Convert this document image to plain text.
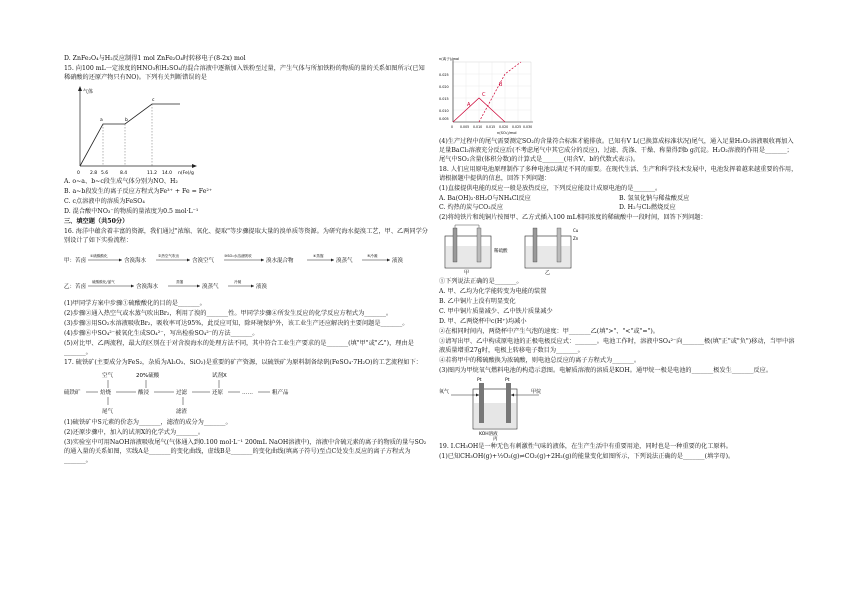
D. ZnFe₂O₄与H₂反应制得1 mol ZnFe₂O₄时转移电子(8-2x) mol
15. 向100 mL一定浓度的HNO₃和H₂SO₄的混合溶液中逐渐加入铁粉至过量，产生气体与所加铁粉的物质的量的关系如图所示(已知稀硝酸的还原产物只有NO)。下列有关判断错误的是
气体
n(Fe)/g
0 2.8 5.6	8.4	11.2 14.0
a	b
c
A. o~a、b~c段生成气体分别为NO、H₂
B. a~b段发生的离子反应方程式为Fe³⁺ + Fe = Fe²⁺
C. c点溶液中的溶质为FeSO₄
D. 混合酸中NO₃⁻的物质的量浓度为0.5 mol·L⁻¹
三、填空题（共50分）
16. 海洋中蕴含着丰富的资源，我们通过"浓缩、氧化、提取"等步骤提取大量的溴单质等资源。为研究海水提溴工艺，甲、乙两同学分别设计了如下实验流程：
甲：苦卤
①硫酸酸化
含溴海水
②热空气吹出
含溴空气
③SO₂水溶液吸收
溴水混合物
④蒸馏
溴蒸气
⑤冷凝
液溴
乙：苦卤
硫酸酸化/氯气
含溴海水
蒸馏
溴蒸气
冷凝
液溴
(1)甲同学方案中步骤①硫酸酸化的目的是_______。
(2)步骤②通入热空气或水蒸气吹出Br₂，利用了溴的_______性。甲同学步骤④所发生反应的化学反应方程式为_______。
(3)步骤③用SO₂水溶液吸收Br₂，吸收率可达95%，此反应可知，除环境保护外，该工业生产还应解决的主要问题是_______。
(4)步骤⑥中SO₄²⁻被氧化生成SO₄²⁻，写出检验SO₄²⁻的方法_______。
(5)对比甲、乙两流程，最大的区别在于对含溴海水的处理方法不同，其中符合工业生产要求的是_______(填"甲"或"乙")，理由是_______。
17. 硫铁矿(主要成分为FeS₂，杂质为Al₂O₃、SiO₂)是重要的矿产资源，以硫铁矿为原料制备绿矾(FeSO₄·7H₂O)的工艺流程如下：
空气	20%硫酸	试剂X
硫铁矿	焙烧	酸浸	过滤	还原	……	粗产品
尾气	滤渣
(1)硫铁矿中S元素的价态为_______，滤渣的成分为_______。
(2)还原步骤中，加入的试剂X的化学式为_______。
(3)实验室中可用NaOH溶液吸收尾气(气体通入到0.100 mol·L⁻¹ 200mL NaOH溶液中)，溶液中含硫元素的离子的物质的量与SO₂的通入量的关系如图，实线A是_______的变化曲线，虚线B是_______的变化曲线(填离子符号)至点C处发生反应的离子方程式为_______。
A
B
C
n(离子)/mol
0.025
0.020
0.015
0.010
0.005
0 0.005 0.010 0.015 0.020 0.025 0.030
n(SO₂)/mol
(4)生产过程中的尾气需要测定SO₂的含量符合标准才能排放。已知有V L(已换算成标准状况)尾气，通入足量H₂O₂溶液吸收再加入足量BaCl₂溶液充分反应后(不考虑尾气中其它成分的反应)，过滤、洗涤、干燥、称量得到b g沉淀。H₂O₂溶液的作用是_______；尾气中SO₂含量(体积分数)的计算式是_______(用含V、b的代数式表示)。
18. 人们应用原电池原理制作了多种电池以满足不同的需要。在现代生活、生产和科学技术发展中，电池发挥着越来越重要的作用，请根据题中提供的信息，回答下列问题：
(1)直接提供电能的反应一般是放热反应，下列反应能设计成原电池的是_______。
A. Ba(OH)₂·8H₂O与NH₄Cl反应	B. 氢氧化钠与稀盐酸反应
C. 灼热的炭与CO₂反应	D. H₂与Cl₂燃烧反应
(2)将纯铁片和纯铜片按图甲、乙方式插入100 mL相同浓度的稀硫酸中一段时间，回答下列问题：
甲
稀硫酸
乙
Cu
Zn
①下列说法正确的是_______。
A. 甲、乙均为化学能转变为电能的装置
B. 乙中铜片上没有明显变化
C. 甲中铜片质量减少、乙中铁片质量减少
D. 甲、乙两烧杯中c(H⁺)均减小
②在相同时间内，两烧杯中产生气泡的速度：甲_______乙(填">"、"<"或"=")。
③请写出甲、乙中构成原电池的正极电极反应式：_______。电池工作时，溶液中SO₄²⁻向_______极(填"正"或"负")移动，当甲中溶液质量增重27g时，电极上转移电子数目为_______。
④若将甲中的稀硫酸换为浓硫酸，则电池总反应的离子方程式为_______。
(3)图丙为甲烷氧气燃料电池的构造示意图。电解质溶液的溶质是KOH。通甲烷一极是电池的_______极发生_______反应。
Pt	Pt
氧气	甲烷
KOH溶液
丙
19. Ⅰ.CH₃OH是一种无色有刺激性气味的液体，在生产生活中有重要用途，同时也是一种重要的化工原料。
(1)已知CH₃OH(g)+½O₂(g)⇌CO₂(g)+2H₂(g)的能量变化如图所示，下列说法正确的是_______(填字母)。
